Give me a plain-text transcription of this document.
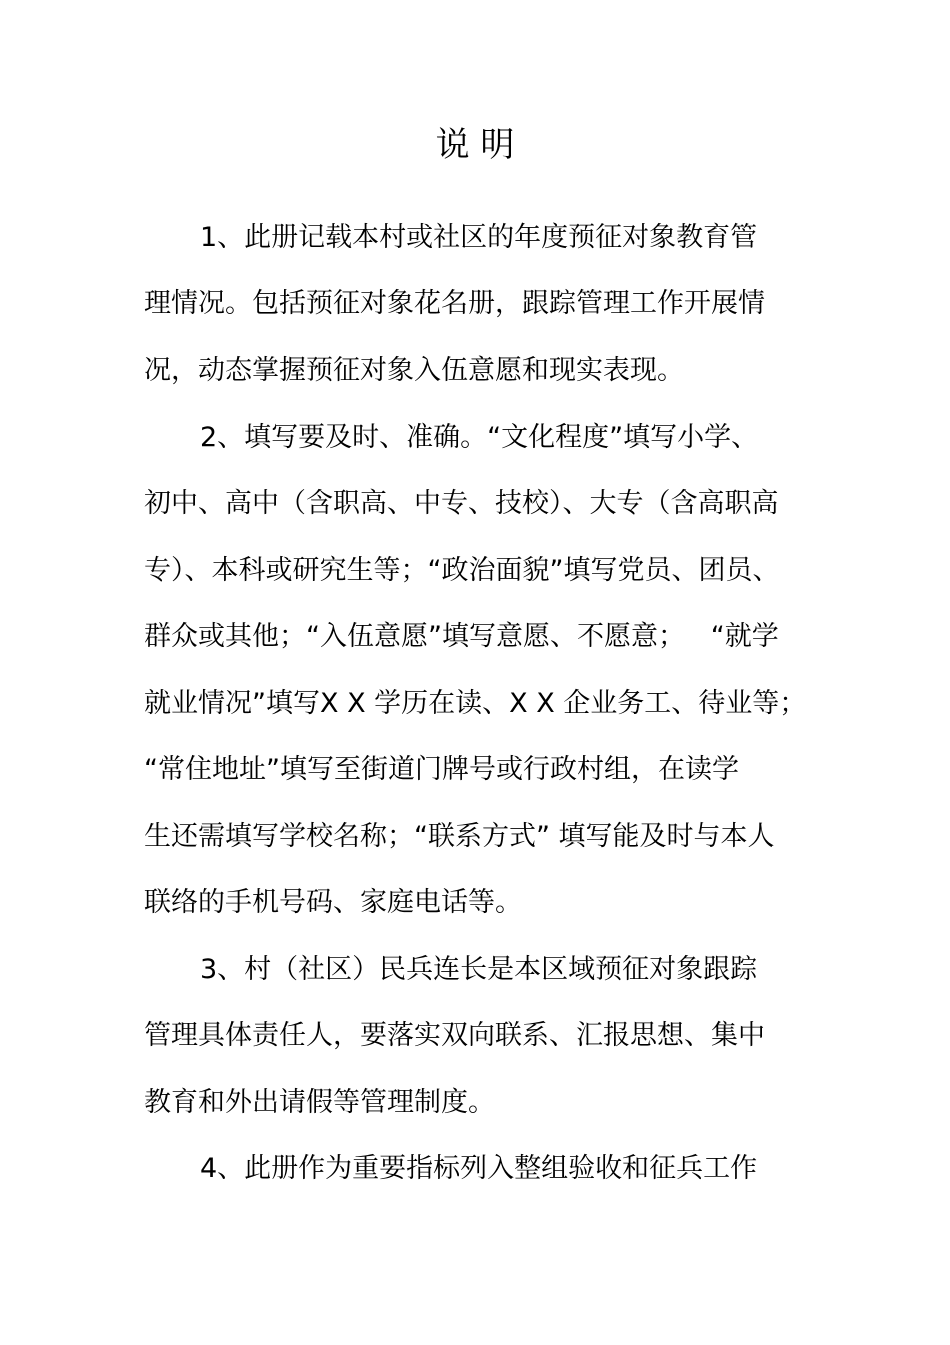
说 明
1、此册记载本村或社区的年度预征对象教育管
理情况。包括预征对象花名册，跟踪管理工作开展情
况，动态掌握预征对象入伍意愿和现实表现。
2、填写要及时、准确。“文化程度”填写小学、
初中、高中（含职高、中专、技校）、大专（含高职高
专）、本科或研究生等；“政治面貌”填写党员、团员、
群众或其他；“入伍意愿”填写意愿、不愿意；   “就学
就业情况”填写X X 学历在读、X X 企业务工、待业等；
“常住地址”填写至街道门牌号或行政村组，在读学
生还需填写学校名称；“联系方式” 填写能及时与本人
联络的手机号码、家庭电话等。
3、村（社区）民兵连长是本区域预征对象跟踪
管理具体责任人，要落实双向联系、汇报思想、集中
教育和外出请假等管理制度。
4、此册作为重要指标列入整组验收和征兵工作
